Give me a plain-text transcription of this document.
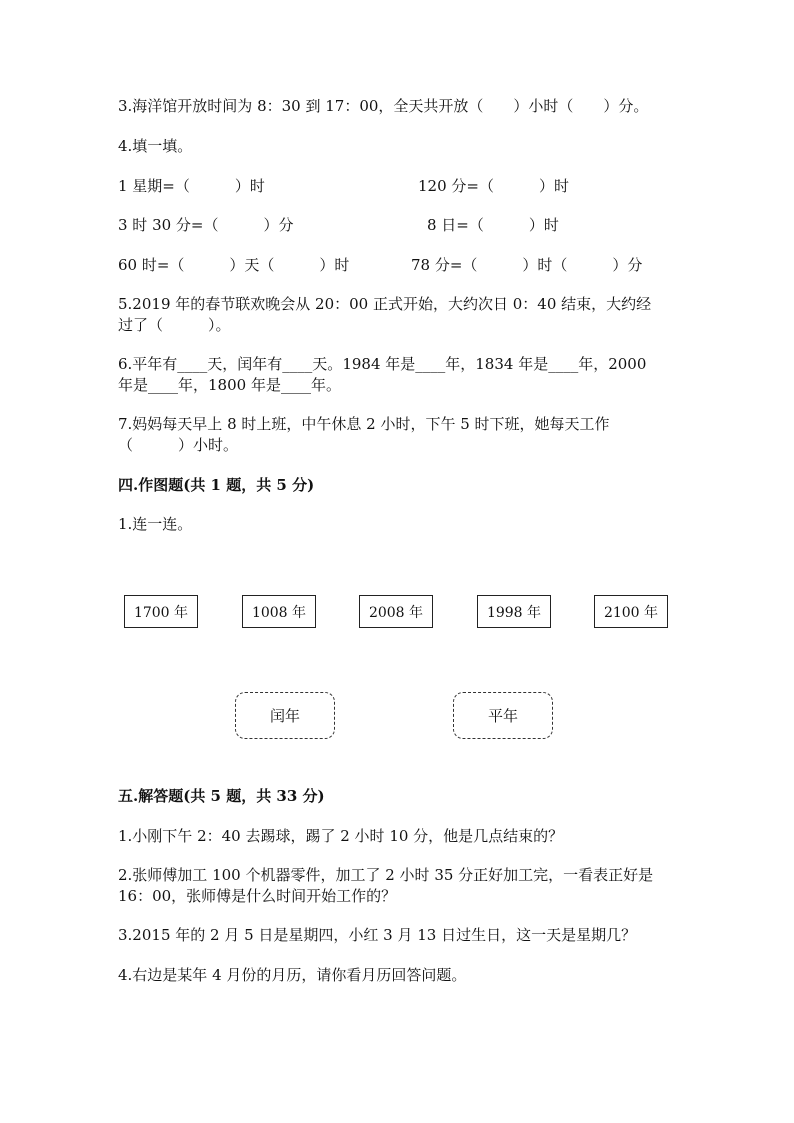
3.海洋馆开放时间为 8：30 到 17：00，全天共开放（　　）小时（　　）分。
4.填一填。
1 星期=（　　　）时	120 分=（　　　）时
3 时 30 分=（　　　）分	8 日=（　　　）时
60 时=（　　　）天（　　　）时	78 分=（　　　）时（　　　）分
5.2019 年的春节联欢晚会从 20：00 正式开始，大约次日 0：40 结束，大约经
过了（　　　）。
6.平年有____天，闰年有____天。1984 年是____年，1834 年是____年，2000
年是____年，1800 年是____年。
7.妈妈每天早上 8 时上班，中午休息 2 小时，下午 5 时下班，她每天工作
（　　　）小时。
四.作图题(共 1 题，共 5 分)
1.连一连。
1700 年	1008 年	2008 年	1998 年	2100 年
闰年	平年
五.解答题(共 5 题，共 33 分)
1.小刚下午 2：40 去踢球，踢了 2 小时 10 分，他是几点结束的？
2.张师傅加工 100 个机器零件，加工了 2 小时 35 分正好加工完，一看表正好是
16：00，张师傅是什么时间开始工作的？
3.2015 年的 2 月 5 日是星期四，小红 3 月 13 日过生日，这一天是星期几？
4.右边是某年 4 月份的月历，请你看月历回答问题。
